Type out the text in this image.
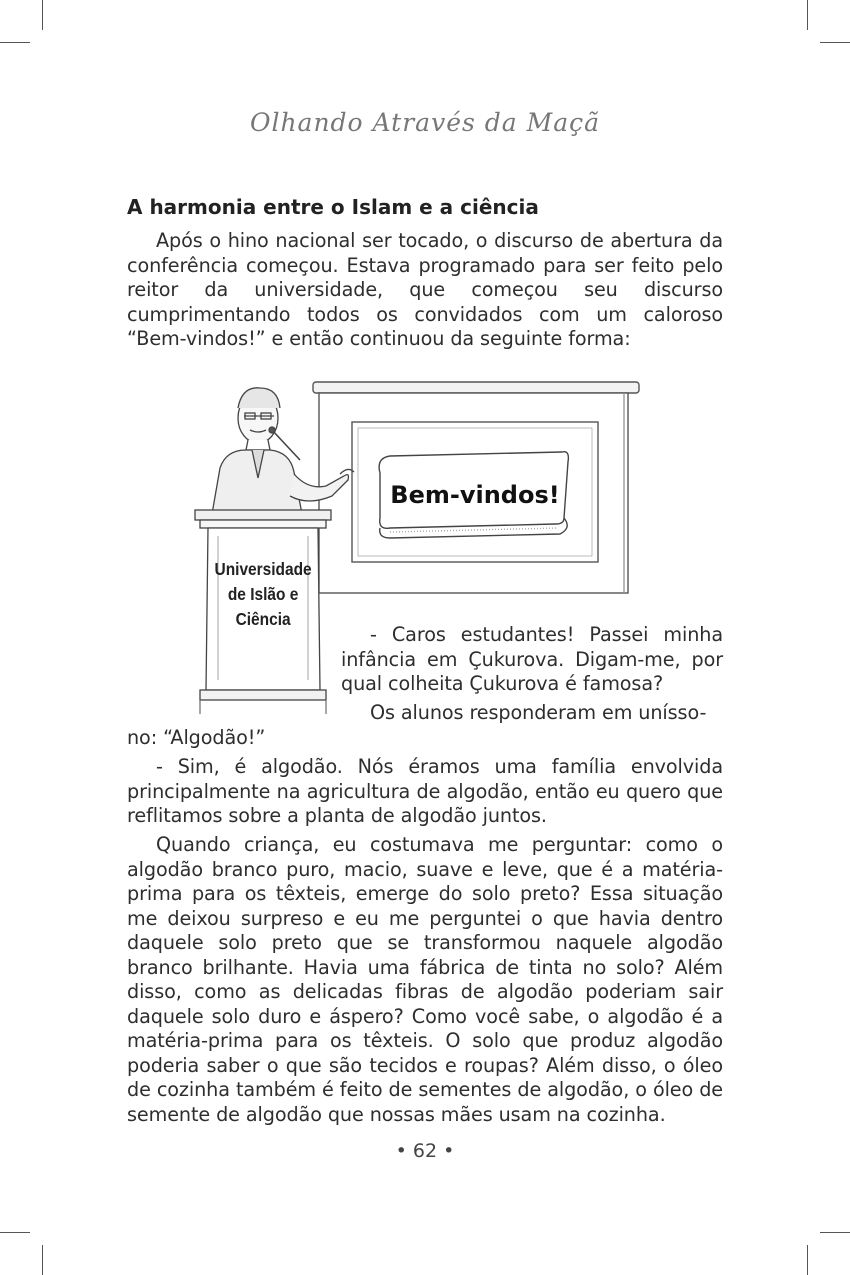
Olhando Através da Maçã
A harmonia entre o Islam e a ciência

Após o hino nacional ser tocado, o discurso de abertura da conferência começou. Estava programado para ser feito pelo reitor da universidade, que começou seu discurso cumprimentando todos os convidados com um caloroso “Bem-vindos!” e então continuou da seguinte forma:

Bem-vindos!
Universidade
de Islão e
Ciência

- Caros estudantes! Passei minha infância em Çukurova. Digam-me, por qual colheita Çukurova é famosa?

Os alunos responderam em unísso-

no: “Algodão!”

- Sim, é algodão. Nós éramos uma família envolvida principalmente na agricultura de algodão, então eu quero que reflitamos sobre a planta de algodão juntos.

Quando criança, eu costumava me perguntar: como o algodão branco puro, macio, suave e leve, que é a matéria-prima para os têxteis, emerge do solo preto? Essa situação me deixou surpreso e eu me perguntei o que havia dentro daquele solo preto que se transformou naquele algodão branco brilhante. Havia uma fábrica de tinta no solo? Além disso, como as delicadas fibras de algodão poderiam sair daquele solo duro e áspero? Como você sabe, o algodão é a matéria-prima para os têxteis. O solo que produz algodão poderia saber o que são tecidos e roupas? Além disso, o óleo de cozinha também é feito de sementes de algodão, o óleo de semente de algodão que nossas mães usam na cozinha.

• 62 •
